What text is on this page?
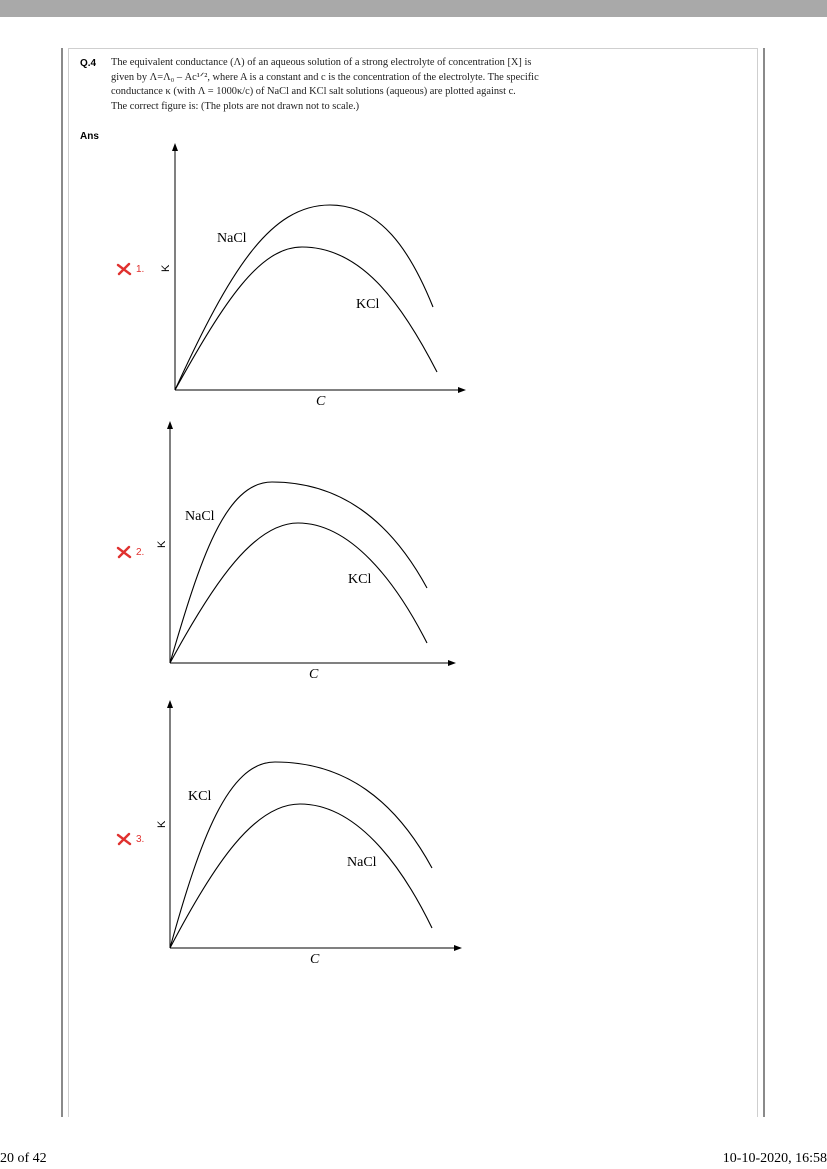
Q.4 The equivalent conductance (Λ) of an aqueous solution of a strong electrolyte of concentration [X] is
given by Λ=Λ₀ – Ac¹ᐟ², where A is a constant and c is the concentration of the electrolyte. The specific
conductance κ (with Λ = 1000κ/c) of NaCl and KCl salt solutions (aqueous) are plotted against c.
The correct figure is: (The plots are not drawn not to scale.)
Ans
1.
NaCl
KCl
C
K
2.
NaCl
KCl
C
K
3.
KCl
NaCl
C
K
20 of 42	10-10-2020, 16:58
